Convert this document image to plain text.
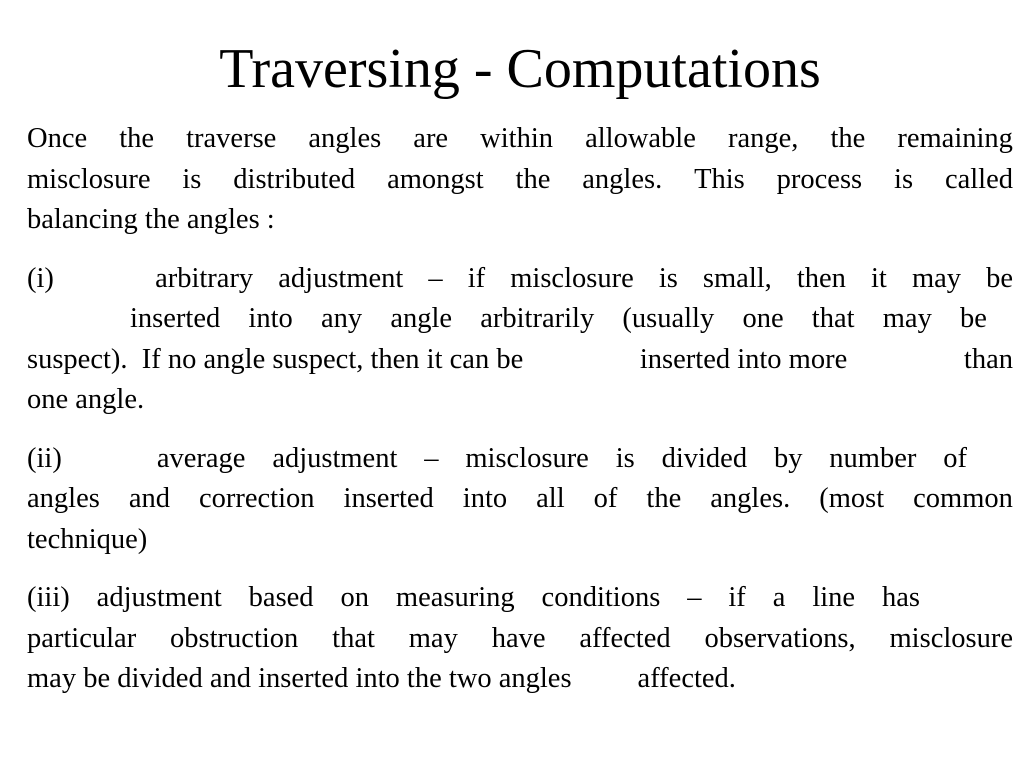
Traversing - Computations
Once the traverse angles are within allowable range, the remaining
misclosure is distributed amongst the angles. This process is called
balancing the angles :
(i)	arbitrary adjustment – if misclosure is small, then it may be
inserted into any angle arbitrarily (usually one that may be
suspect).  If no angle suspect, then it can be	inserted into more	than
one angle.
(ii)	average adjustment – misclosure is divided by number of
angles and correction inserted into all of the angles. (most common
technique)
(iii) adjustment based on measuring conditions – if a line has
particular obstruction that may have affected observations, misclosure
may be divided and inserted into the two angles	affected.
